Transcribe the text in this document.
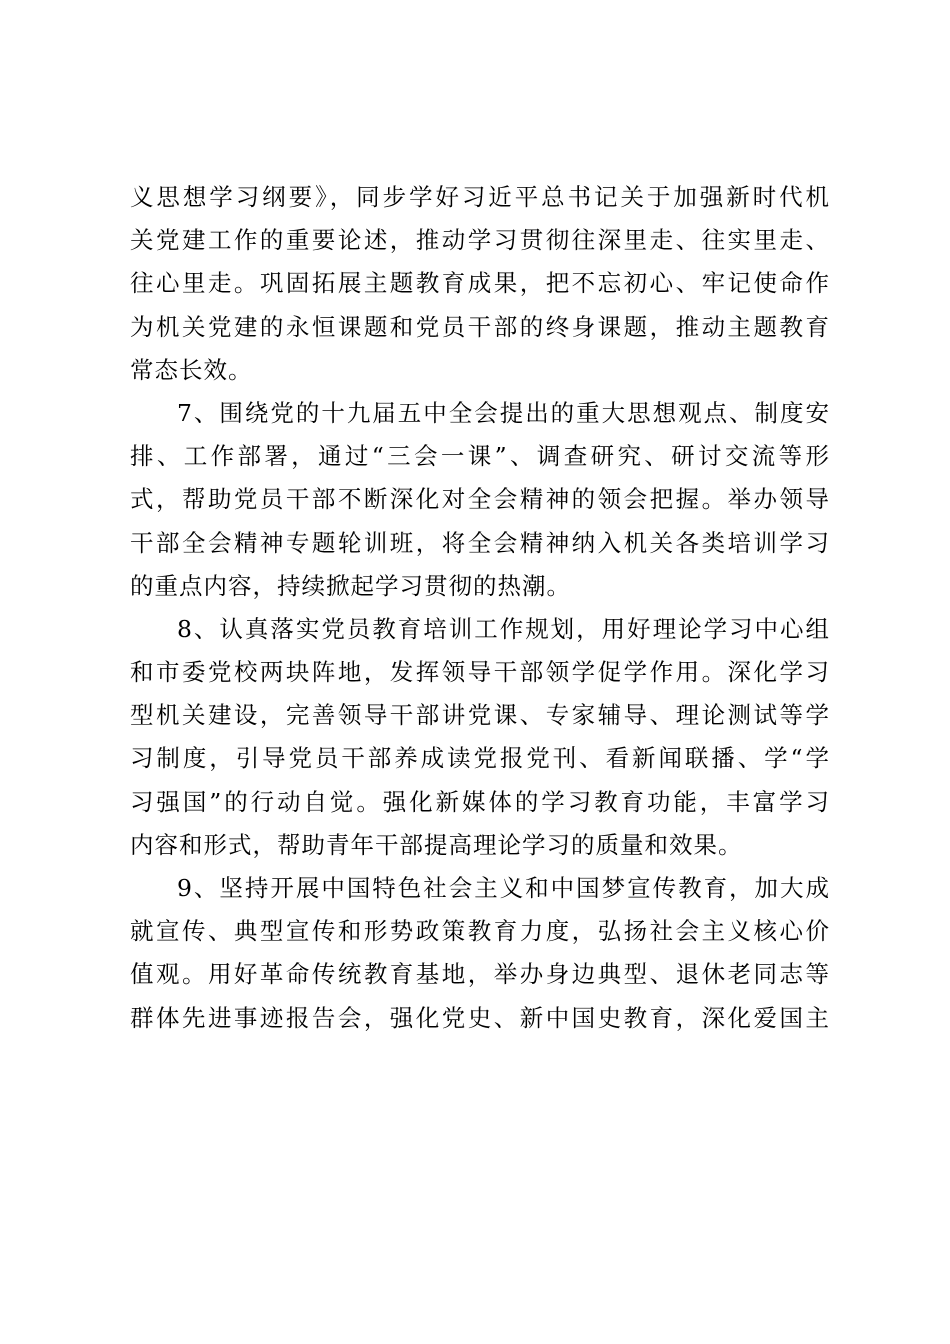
义思想学习纲要》，同步学好习近平总书记关于加强新时代机
关党建工作的重要论述，推动学习贯彻往深里走、往实里走、
往心里走。巩固拓展主题教育成果，把不忘初心、牢记使命作
为机关党建的永恒课题和党员干部的终身课题，推动主题教育
常态长效。
7、围绕党的十九届五中全会提出的重大思想观点、制度安
排、工作部署，通过“三会一课”、调查研究、研讨交流等形
式，帮助党员干部不断深化对全会精神的领会把握。举办领导
干部全会精神专题轮训班，将全会精神纳入机关各类培训学习
的重点内容，持续掀起学习贯彻的热潮。
8、认真落实党员教育培训工作规划，用好理论学习中心组
和市委党校两块阵地，发挥领导干部领学促学作用。深化学习
型机关建设，完善领导干部讲党课、专家辅导、理论测试等学
习制度，引导党员干部养成读党报党刊、看新闻联播、学“学
习强国”的行动自觉。强化新媒体的学习教育功能，丰富学习
内容和形式，帮助青年干部提高理论学习的质量和效果。
9、坚持开展中国特色社会主义和中国梦宣传教育，加大成
就宣传、典型宣传和形势政策教育力度，弘扬社会主义核心价
值观。用好革命传统教育基地，举办身边典型、退休老同志等
群体先进事迹报告会，强化党史、新中国史教育，深化爱国主
